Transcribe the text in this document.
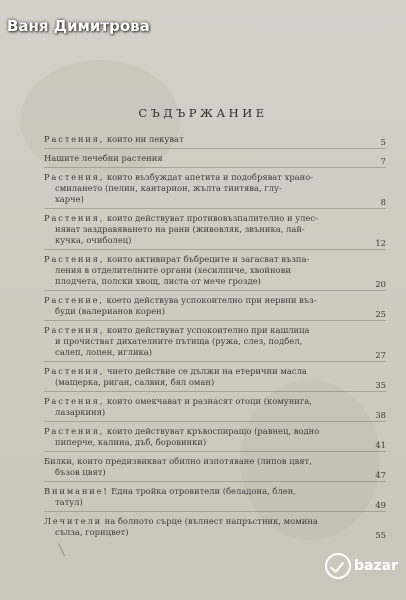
Ваня Димитрова
СЪДЪРЖАНИЕ
Растения, които ни лекуват	5
Нашите лечебни растения	7
Растения, които възбуждат апетита и подобряват храно-
смилането (пелин, кантарион, жълта тинтява, глу-
харче)	8
Растения, които действуват противовъзпалително и улес-
няват заздравяването на рани (живовляк, звъника, лай-
кучка, очиболец)	12
Растения, които активират бъбреците и загасват възпа-
ления в отделителните органи (хесилпиче, хвойнови
плодчета, полски хвощ, листа от мече грозде)	20
Растение, което действува успокоително при нервни въз-
буди (валерианов корен)	25
Растения, които действуват успокоително при кашлица
и прочистват дихателните пътища (ружа, слез, подбел,
салеп, лопен, иглика)	27
Растения, чието действие се дължи на етерични масла
(мащерка, риган, салвия, бял оман)	35
Растения, които омекчават и разнасят отоци (комунига,
лазаркиня)	38
Растения, които действуват кръвоспиращо (равнец, водно
пиперче, калина, дъб, боровинки)	41
Билки, които предизвикват обилно изпотяване (липов цвят,
бъзов цвят)	47
Внимание! Една тройка отровители (беладона, блен,
татул)	49
Лечители на болното сърце (вълнест напръстник, момина
сълза, горицвет)	55
bazar
